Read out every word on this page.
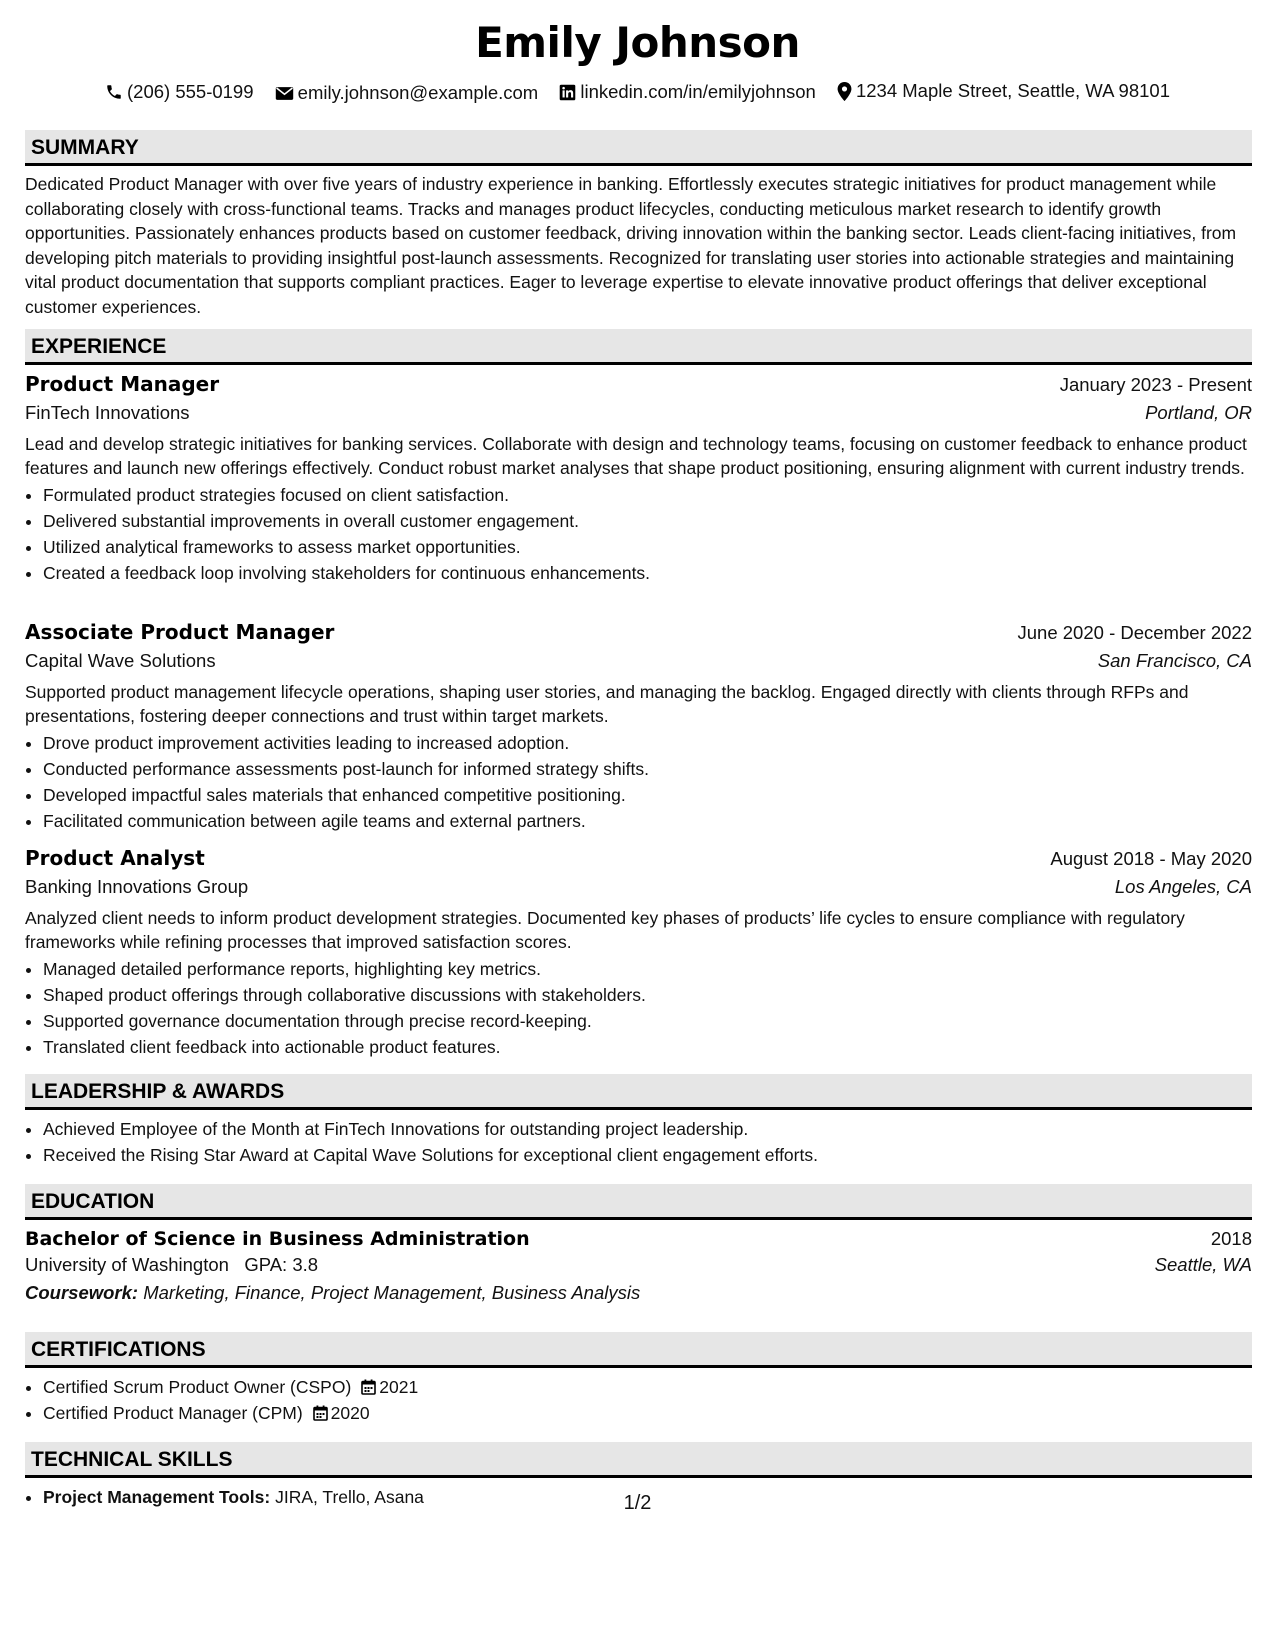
Emily Johnson
(206) 555-0199
emily.johnson@example.com
linkedin.com/in/emilyjohnson
1234 Maple Street, Seattle, WA 98101
SUMMARY
Dedicated Product Manager with over five years of industry experience in banking. Effortlessly executes strategic initiatives for product management while collaborating closely with cross-functional teams. Tracks and manages product lifecycles, conducting meticulous market research to identify growth opportunities. Passionately enhances products based on customer feedback, driving innovation within the banking sector. Leads client-facing initiatives, from developing pitch materials to providing insightful post-launch assessments. Recognized for translating user stories into actionable strategies and maintaining vital product documentation that supports compliant practices. Eager to leverage expertise to elevate innovative product offerings that deliver exceptional customer experiences.
EXPERIENCE
Product Manager	January 2023 - Present
FinTech Innovations	Portland, OR
Lead and develop strategic initiatives for banking services. Collaborate with design and technology teams, focusing on customer feedback to enhance product features and launch new offerings effectively. Conduct robust market analyses that shape product positioning, ensuring alignment with current industry trends.
• Formulated product strategies focused on client satisfaction.
• Delivered substantial improvements in overall customer engagement.
• Utilized analytical frameworks to assess market opportunities.
• Created a feedback loop involving stakeholders for continuous enhancements.
Associate Product Manager	June 2020 - December 2022
Capital Wave Solutions	San Francisco, CA
Supported product management lifecycle operations, shaping user stories, and managing the backlog. Engaged directly with clients through RFPs and presentations, fostering deeper connections and trust within target markets.
• Drove product improvement activities leading to increased adoption.
• Conducted performance assessments post-launch for informed strategy shifts.
• Developed impactful sales materials that enhanced competitive positioning.
• Facilitated communication between agile teams and external partners.
Product Analyst	August 2018 - May 2020
Banking Innovations Group	Los Angeles, CA
Analyzed client needs to inform product development strategies. Documented key phases of products’ life cycles to ensure compliance with regulatory frameworks while refining processes that improved satisfaction scores.
• Managed detailed performance reports, highlighting key metrics.
• Shaped product offerings through collaborative discussions with stakeholders.
• Supported governance documentation through precise record-keeping.
• Translated client feedback into actionable product features.
LEADERSHIP & AWARDS
• Achieved Employee of the Month at FinTech Innovations for outstanding project leadership.
• Received the Rising Star Award at Capital Wave Solutions for exceptional client engagement efforts.
EDUCATION
Bachelor of Science in Business Administration	2018
University of Washington GPA: 3.8	Seattle, WA
Coursework: Marketing, Finance, Project Management, Business Analysis
CERTIFICATIONS
• Certified Scrum Product Owner (CSPO) 2021
• Certified Product Manager (CPM) 2020
TECHNICAL SKILLS
• Project Management Tools: JIRA, Trello, Asana	1/2
